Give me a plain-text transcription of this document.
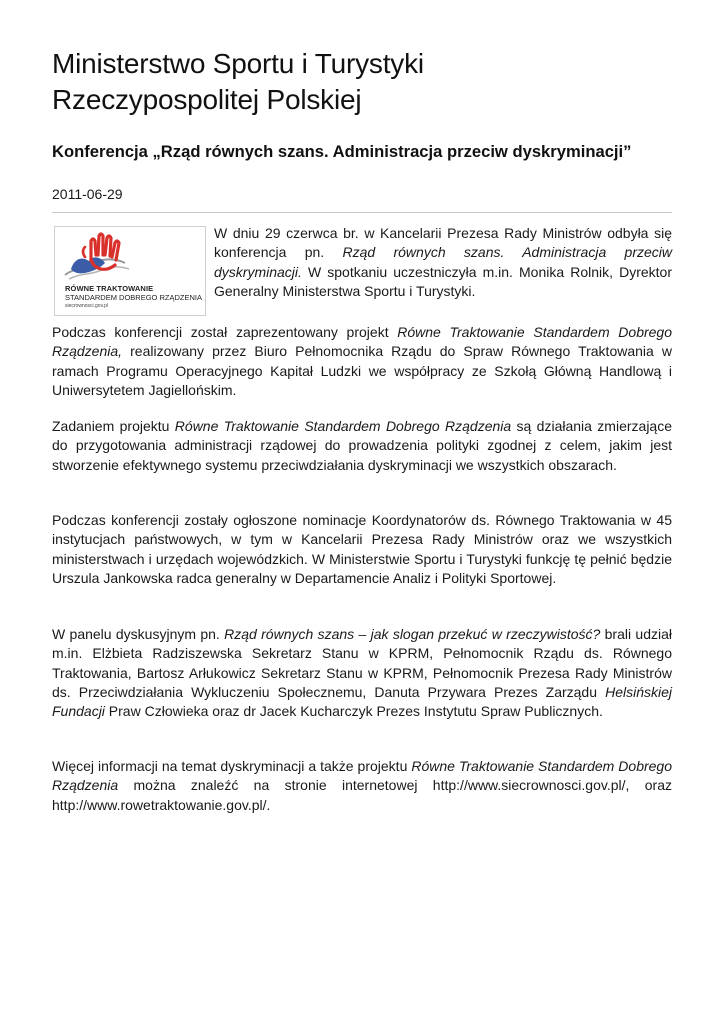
Ministerstwo Sportu i Turystyki
Rzeczypospolitej Polskiej
Konferencja „Rząd równych szans. Administracja przeciw dyskryminacji”
2011-06-29
RÓWNE TRAKTOWANIE
STANDARDEM DOBREGO RZĄDZENIA
siecrownosci.gov.pl

W dniu 29 czerwca br. w Kancelarii Prezesa Rady Ministrów odbyła się konferencja pn. Rząd równych szans. Administracja przeciw dyskryminacji. W spotkaniu uczestniczyła m.in. Monika Rolnik, Dyrektor Generalny Ministerstwa Sportu i Turystyki.

Podczas konferencji został zaprezentowany projekt Równe Traktowanie Standardem Dobrego Rządzenia, realizowany przez Biuro Pełnomocnika Rządu do Spraw Równego Traktowania w ramach Programu Operacyjnego Kapitał Ludzki we współpracy ze Szkołą Główną Handlową i Uniwersytetem Jagiellońskim.

Zadaniem projektu Równe Traktowanie Standardem Dobrego Rządzenia są działania zmierzające do przygotowania administracji rządowej do prowadzenia polityki zgodnej z celem, jakim jest stworzenie efektywnego systemu przeciwdziałania dyskryminacji we wszystkich obszarach.

Podczas konferencji zostały ogłoszone nominacje Koordynatorów ds. Równego Traktowania w 45 instytucjach państwowych, w tym w Kancelarii Prezesa Rady Ministrów oraz we wszystkich ministerstwach i urzędach wojewódzkich. W Ministerstwie Sportu i Turystyki funkcję tę pełnić będzie Urszula Jankowska radca generalny w Departamencie Analiz i Polityki Sportowej.

W panelu dyskusyjnym pn. Rząd równych szans – jak slogan przekuć w rzeczywistość? brali udział m.in. Elżbieta Radziszewska Sekretarz Stanu w KPRM, Pełnomocnik Rządu ds. Równego Traktowania, Bartosz Arłukowicz Sekretarz Stanu w KPRM, Pełnomocnik Prezesa Rady Ministrów ds. Przeciwdziałania Wykluczeniu Społecznemu, Danuta Przywara Prezes Zarządu Helsińskiej Fundacji Praw Człowieka oraz dr Jacek Kucharczyk Prezes Instytutu Spraw Publicznych.

Więcej informacji na temat dyskryminacji a także projektu Równe Traktowanie Standardem Dobrego Rządzenia można znaleźć na stronie internetowej http://www.siecrownosci.gov.pl/, oraz http://www.rowetraktowanie.gov.pl/.
